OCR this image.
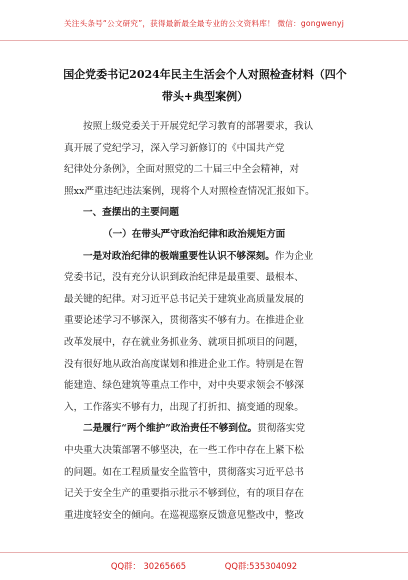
关注头条号“公文研究”，获得最新最全最专业的公文资料库！ 微信：gongwenyj
国企党委书记2024年民主生活会个人对照检查材料（四个
带头+典型案例）
按照上级党委关于开展党纪学习教育的部署要求，我认
真开展了党纪学习，深入学习新修订的《中国共产党
纪律处分条例》，全面对照党的二十届三中全会精神，对
照xx严重违纪违法案例，现将个人对照检查情况汇报如下。
一、查摆出的主要问题
（一）在带头严守政治纪律和政治规矩方面
一是对政治纪律的极端重要性认识不够深刻。作为企业
党委书记，没有充分认识到政治纪律是最重要、最根本、
最关键的纪律。对习近平总书记关于建筑业高质量发展的
重要论述学习不够深入，贯彻落实不够有力。在推进企业
改革发展中，存在就业务抓业务、就项目抓项目的问题，
没有很好地从政治高度谋划和推进企业工作。特别是在智
能建造、绿色建筑等重点工作中，对中央要求领会不够深
入，工作落实不够有力，出现了打折扣、搞变通的现象。
二是履行“两个维护”政治责任不够到位。贯彻落实党
中央重大决策部署不够坚决，在一些工作中存在上紧下松
的问题。如在工程质量安全监管中，贯彻落实习近平总书
记关于安全生产的重要指示批示不够到位，有的项目存在
重进度轻安全的倾向。在巡视巡察反馈意见整改中，整改
QQ群： 30265665	QQ群:535304092
